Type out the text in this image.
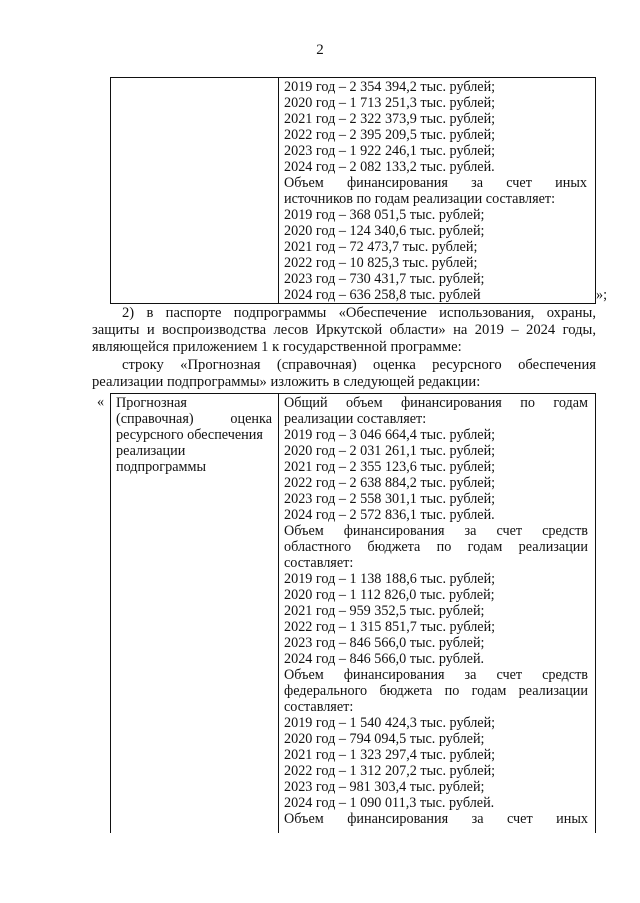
2
2019 год – 2 354 394,2 тыс. рублей;
2020 год – 1 713 251,3 тыс. рублей;
2021 год – 2 322 373,9 тыс. рублей;
2022 год – 2 395 209,5 тыс. рублей;
2023 год – 1 922 246,1 тыс. рублей;
2024 год – 2 082 133,2 тыс. рублей.
Объем финансирования за счет иных
источников по годам реализации составляет:
2019 год – 368 051,5 тыс. рублей;
2020 год – 124 340,6 тыс. рублей;
2021 год – 72 473,7 тыс. рублей;
2022 год – 10 825,3 тыс. рублей;
2023 год – 730 431,7 тыс. рублей;
2024 год – 636 258,8 тыс. рублей	»;
2) в паспорте подпрограммы «Обеспечение использования, охраны,
защиты и воспроизводства лесов Иркутской области» на 2019 – 2024 годы,
являющейся приложением 1 к государственной программе:
строку «Прогнозная (справочная) оценка ресурсного обеспечения
реализации подпрограммы» изложить в следующей редакции:
« Прогнозная
(справочная) оценка
ресурсного обеспечения
реализации
подпрограммы
Общий объем финансирования по годам
реализации составляет:
2019 год – 3 046 664,4 тыс. рублей;
2020 год – 2 031 261,1 тыс. рублей;
2021 год – 2 355 123,6 тыс. рублей;
2022 год – 2 638 884,2 тыс. рублей;
2023 год – 2 558 301,1 тыс. рублей;
2024 год – 2 572 836,1 тыс. рублей.
Объем финансирования за счет средств
областного бюджета по годам реализации
составляет:
2019 год – 1 138 188,6 тыс. рублей;
2020 год – 1 112 826,0 тыс. рублей;
2021 год – 959 352,5 тыс. рублей;
2022 год – 1 315 851,7 тыс. рублей;
2023 год – 846 566,0 тыс. рублей;
2024 год – 846 566,0 тыс. рублей.
Объем финансирования за счет средств
федерального бюджета по годам реализации
составляет:
2019 год – 1 540 424,3 тыс. рублей;
2020 год – 794 094,5 тыс. рублей;
2021 год – 1 323 297,4 тыс. рублей;
2022 год – 1 312 207,2 тыс. рублей;
2023 год – 981 303,4 тыс. рублей;
2024 год – 1 090 011,3 тыс. рублей.
Объем финансирования за счет иных
